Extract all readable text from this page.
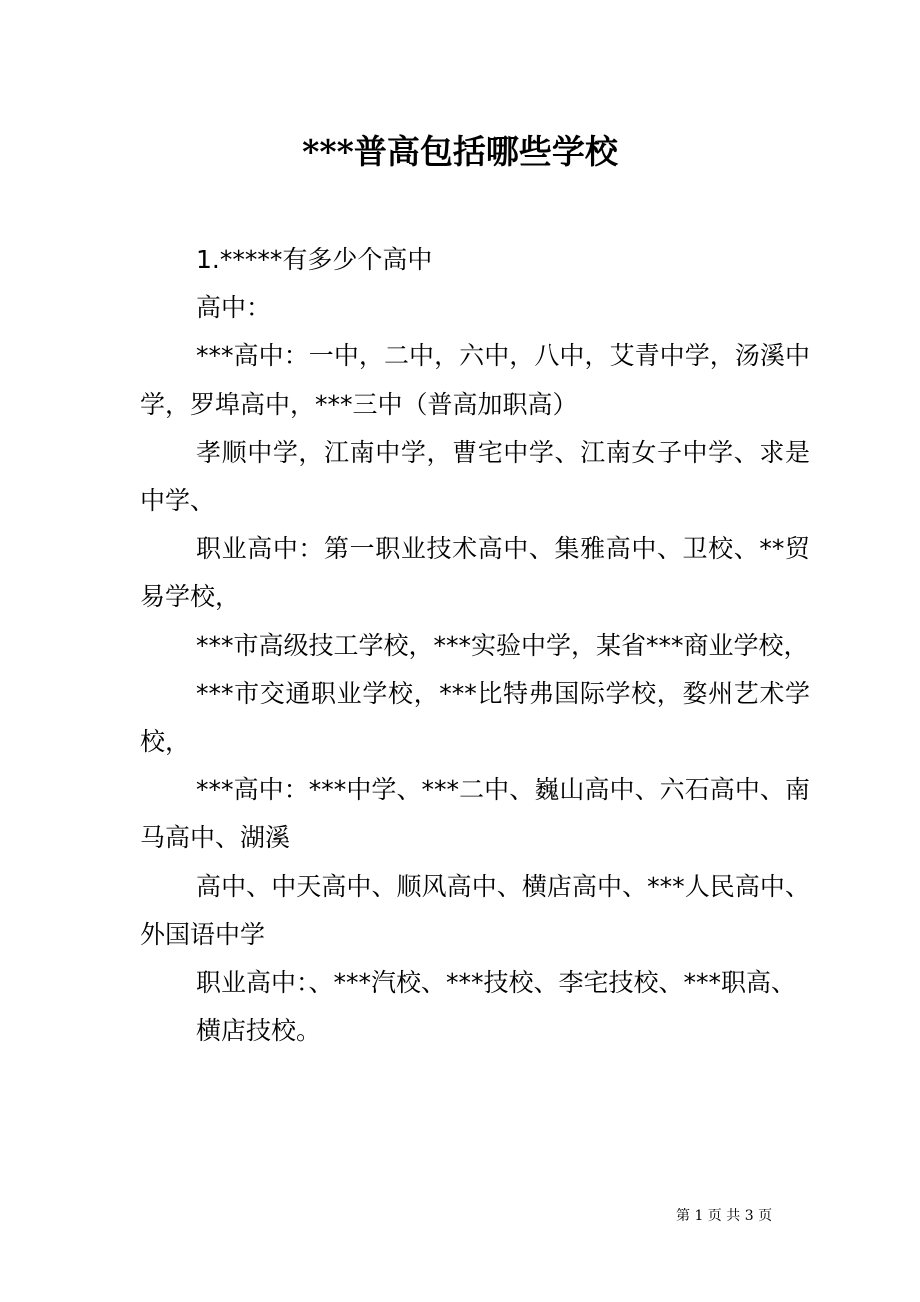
***普高包括哪些学校

1.*****有多少个高中

高中：

***高中：一中，二中，六中，八中，艾青中学，汤溪中学，罗埠高中，***三中（普高加职高）

孝顺中学，江南中学，曹宅中学、江南女子中学、求是中学、

职业高中：第一职业技术高中、集雅高中、卫校、**贸易学校，

***市高级技工学校，***实验中学，某省***商业学校，

***市交通职业学校，***比特弗国际学校，婺州艺术学校，

***高中：***中学、***二中、巍山高中、六石高中、南马高中、湖溪

高中、中天高中、顺风高中、横店高中、***人民高中、外国语中学

职业高中：、***汽校、***技校、李宅技校、***职高、

横店技校。

第 1 页 共 3 页
